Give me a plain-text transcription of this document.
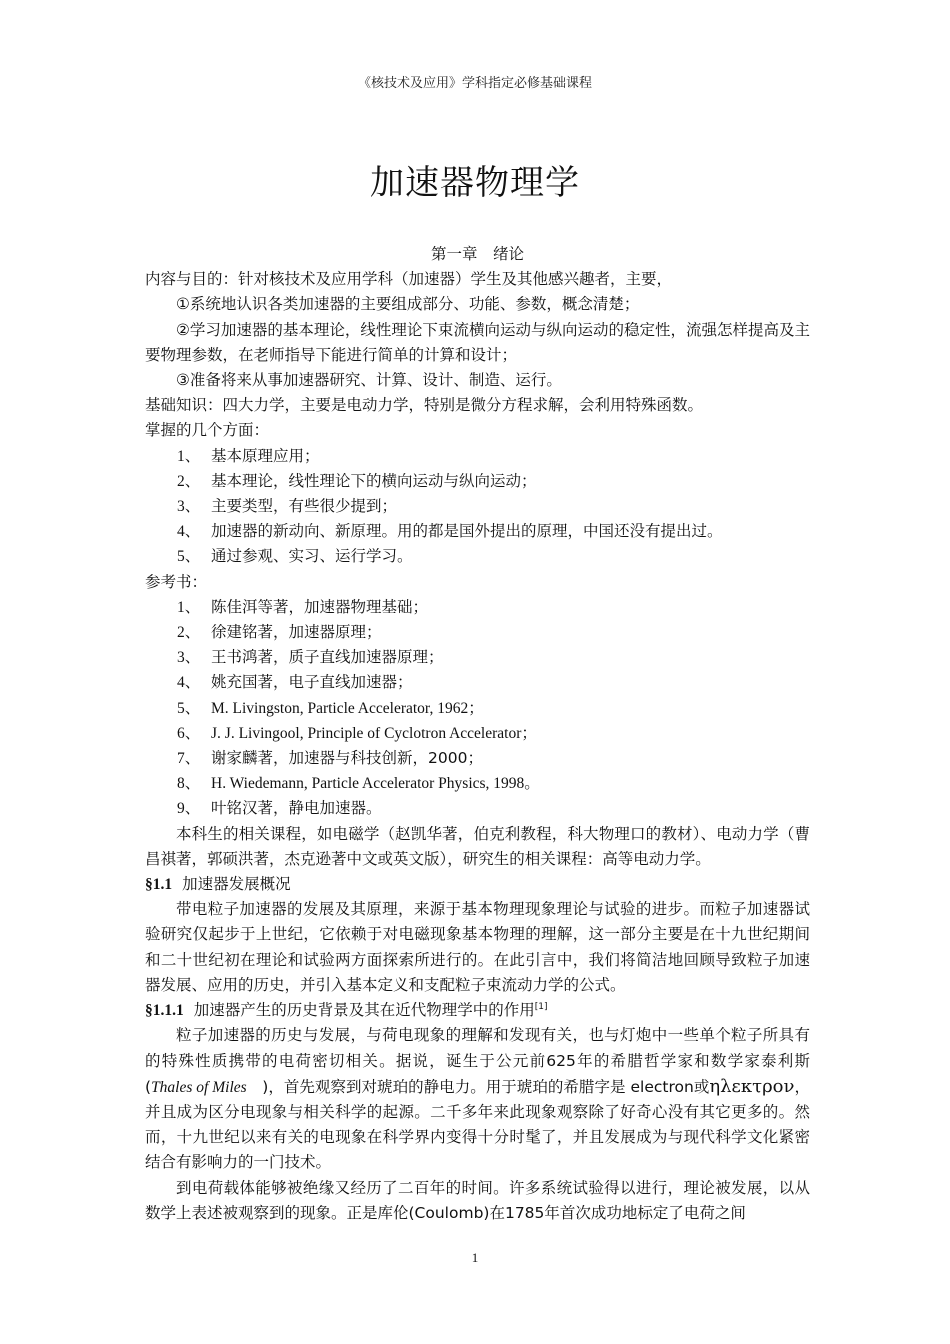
《核技术及应用》学科指定必修基础课程
加速器物理学

第一章　绪论

内容与目的：针对核技术及应用学科（加速器）学生及其他感兴趣者，主要，

①系统地认识各类加速器的主要组成部分、功能、参数，概念清楚；

②学习加速器的基本理论，线性理论下束流横向运动与纵向运动的稳定性，流强怎样提高及主要物理参数，在老师指导下能进行简单的计算和设计；

③准备将来从事加速器研究、计算、设计、制造、运行。

基础知识：四大力学，主要是电动力学，特别是微分方程求解，会利用特殊函数。

掌握的几个方面：

1、 基本原理应用；

2、 基本理论，线性理论下的横向运动与纵向运动；

3、 主要类型，有些很少提到；

4、 加速器的新动向、新原理。用的都是国外提出的原理，中国还没有提出过。

5、 通过参观、实习、运行学习。

参考书：

1、 陈佳洱等著，加速器物理基础；

2、 徐建铭著，加速器原理；

3、 王书鸿著，质子直线加速器原理；

4、 姚充国著，电子直线加速器；

5、 M. Livingston, Particle Accelerator, 1962；

6、 J. J. Livingool, Principle of Cyclotron Accelerator；

7、 谢家麟著，加速器与科技创新，2000；

8、 H. Wiedemann, Particle Accelerator Physics, 1998。

9、 叶铭汉著，静电加速器。

本科生的相关课程，如电磁学（赵凯华著，伯克利教程，科大物理口的教材）、电动力学（曹昌祺著，郭硕洪著，杰克逊著中文或英文版），研究生的相关课程：高等电动力学。

§1.1 加速器发展概况

带电粒子加速器的发展及其原理，来源于基本物理现象理论与试验的进步。而粒子加速器试验研究仅起步于上世纪，它依赖于对电磁现象基本物理的理解，这一部分主要是在十九世纪期间和二十世纪初在理论和试验两方面探索所进行的。在此引言中，我们将简洁地回顾导致粒子加速器发展、应用的历史，并引入基本定义和支配粒子束流动力学的公式。

§1.1.1 加速器产生的历史背景及其在近代物理学中的作用[1]

粒子加速器的历史与发展，与荷电现象的理解和发现有关，也与灯炮中一些单个粒子所具有的特殊性质携带的电荷密切相关。据说，诞生于公元前625年的希腊哲学家和数学家泰利斯(Thales of Miles　)，首先观察到对琥珀的静电力。用于琥珀的希腊字是 electron或ηλεκτρον，并且成为区分电现象与相关科学的起源。二千多年来此现象观察除了好奇心没有其它更多的。然而，十九世纪以来有关的电现象在科学界内变得十分时髦了，并且发展成为与现代科学文化紧密结合有影响力的一门技术。

到电荷载体能够被绝缘又经历了二百年的时间。许多系统试验得以进行，理论被发展，以从数学上表述被观察到的现象。正是库伦(Coulomb)在1785年首次成功地标定了电荷之间

1
